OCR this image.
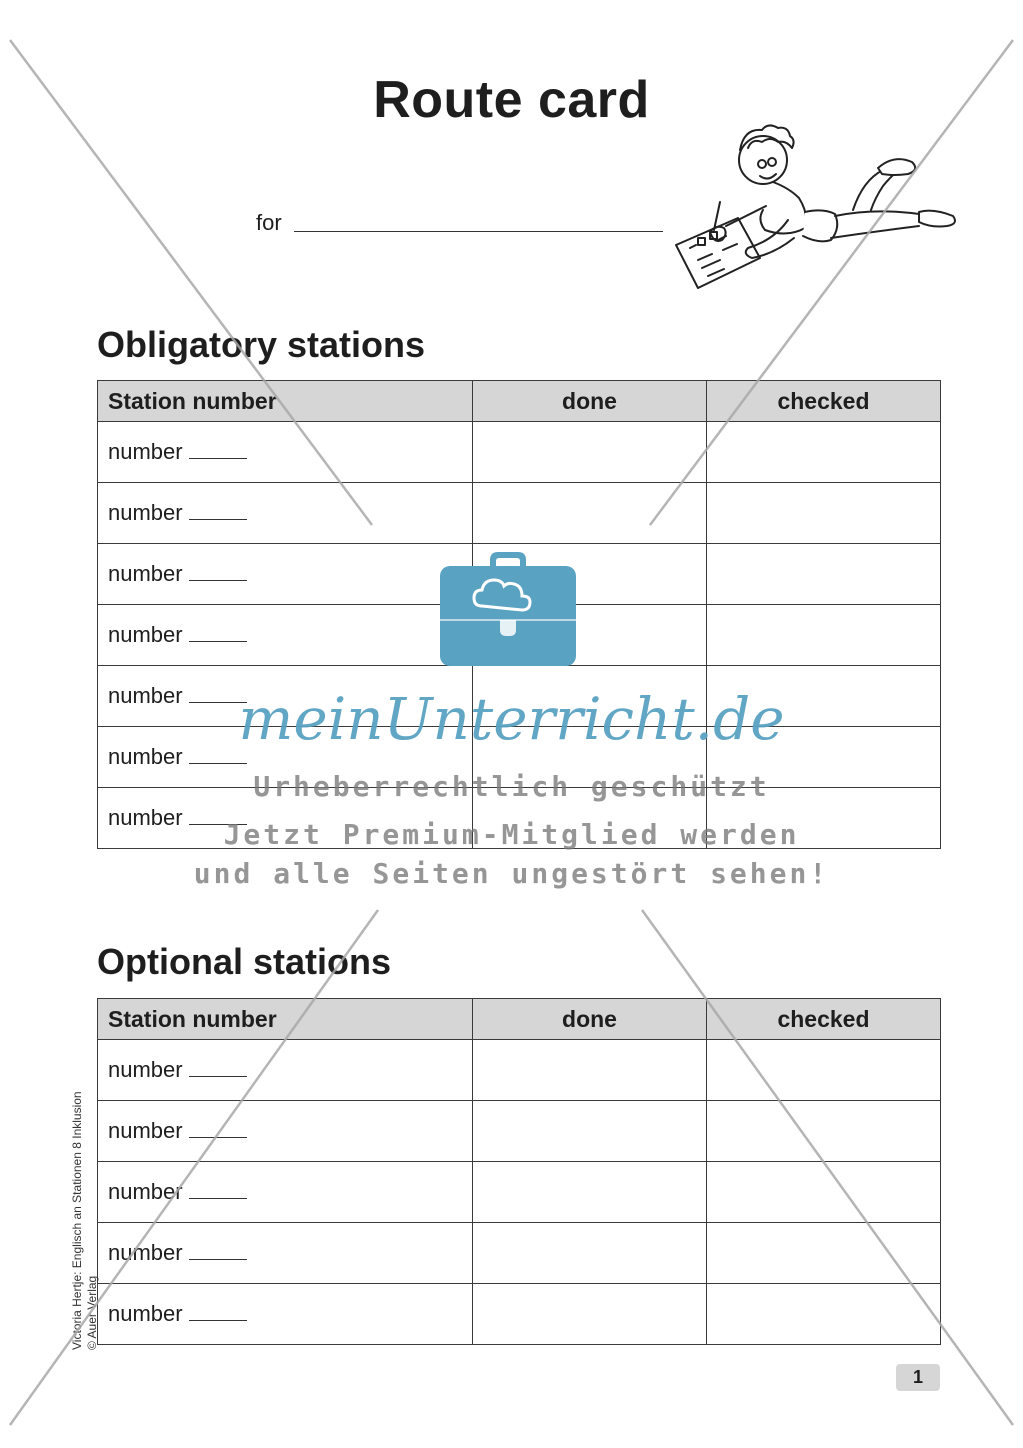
Route card
for
Obligatory stations
Station number	done	checked
number		
number		
number		
number		
number		
number		
number		
Optional stations
Station number	done	checked
number		
number		
number		
number		
number		
Victoria Hertje: Englisch an Stationen 8 Inklusion © Auer Verlag
1
meinUnterricht.de
Urheberrechtlich geschützt
Jetzt Premium-Mitglied werden
und alle Seiten ungestört sehen!
